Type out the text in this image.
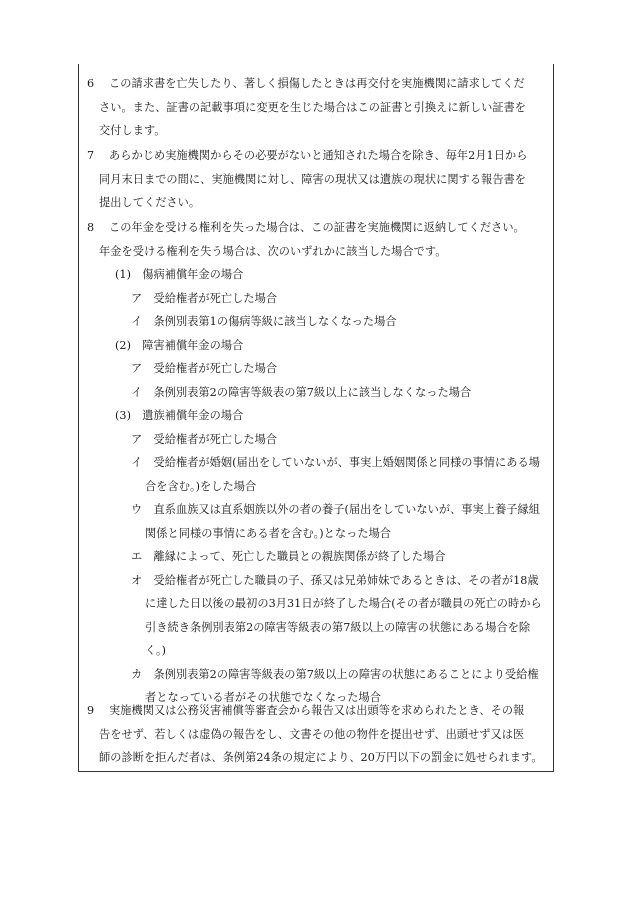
6 この請求書を亡失したり、著しく損傷したときは再交付を実施機関に請求してくだ
さい。また、証書の記載事項に変更を生じた場合はこの証書と引換えに新しい証書を
交付します。
7 あらかじめ実施機関からその必要がないと通知された場合を除き、毎年2月1日から
同月末日までの間に、実施機関に対し、障害の現状又は遺族の現状に関する報告書を
提出してください。
8 この年金を受ける権利を失った場合は、この証書を実施機関に返納してください。
年金を受ける権利を失う場合は、次のいずれかに該当した場合です。
(1)　傷病補償年金の場合
ア　受給権者が死亡した場合
イ　条例別表第1の傷病等級に該当しなくなった場合
(2)　障害補償年金の場合
ア　受給権者が死亡した場合
イ　条例別表第2の障害等級表の第7級以上に該当しなくなった場合
(3)　遺族補償年金の場合
ア　受給権者が死亡した場合
イ　受給権者が婚姻(届出をしていないが、事実上婚姻関係と同様の事情にある場
合を含む。)をした場合
ウ　直系血族又は直系姻族以外の者の養子(届出をしていないが、事実上養子縁組
関係と同様の事情にある者を含む。)となった場合
エ　離縁によって、死亡した職員との親族関係が終了した場合
オ　受給権者が死亡した職員の子、孫又は兄弟姉妹であるときは、その者が18歳
に達した日以後の最初の3月31日が終了した場合(その者が職員の死亡の時から
引き続き条例別表第2の障害等級表の第7級以上の障害の状態にある場合を除
く。)
カ　条例別表第2の障害等級表の第7級以上の障害の状態にあることにより受給権
者となっている者がその状態でなくなった場合
9 実施機関又は公務災害補償等審査会から報告又は出頭等を求められたとき、その報
告をせず、若しくは虚偽の報告をし、文書その他の物件を提出せず、出頭せず又は医
師の診断を拒んだ者は、条例第24条の規定により、20万円以下の罰金に処せられます。
